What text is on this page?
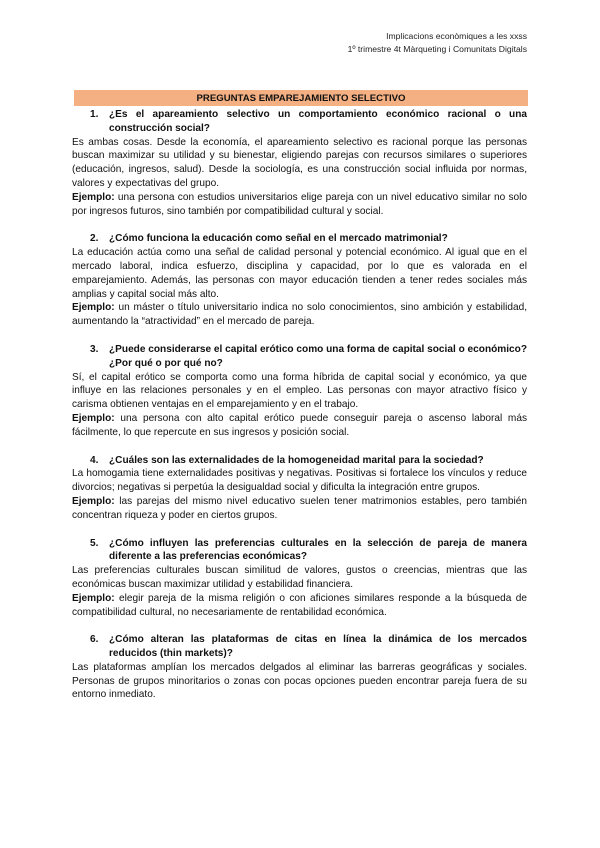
Implicacions econòmiques a les xxss
1º trimestre 4t Màrqueting i Comunitats Digitals
PREGUNTAS EMPAREJAMIENTO SELECTIVO
1.	¿Es el apareamiento selectivo un comportamiento económico racional o una construcción social?

Es ambas cosas. Desde la economía, el apareamiento selectivo es racional porque las personas buscan maximizar su utilidad y su bienestar, eligiendo parejas con recursos similares o superiores (educación, ingresos, salud). Desde la sociología, es una construcción social influida por normas, valores y expectativas del grupo.

Ejemplo: una persona con estudios universitarios elige pareja con un nivel educativo similar no solo por ingresos futuros, sino también por compatibilidad cultural y social.

2.	¿Cómo funciona la educación como señal en el mercado matrimonial?

La educación actúa como una señal de calidad personal y potencial económico. Al igual que en el mercado laboral, indica esfuerzo, disciplina y capacidad, por lo que es valorada en el emparejamiento. Además, las personas con mayor educación tienden a tener redes sociales más amplias y capital social más alto.

Ejemplo: un máster o título universitario indica no solo conocimientos, sino ambición y estabilidad, aumentando la “atractividad” en el mercado de pareja.

3.	¿Puede considerarse el capital erótico como una forma de capital social o económico? ¿Por qué o por qué no?

Sí, el capital erótico se comporta como una forma híbrida de capital social y económico, ya que influye en las relaciones personales y en el empleo. Las personas con mayor atractivo físico y carisma obtienen ventajas en el emparejamiento y en el trabajo.

Ejemplo: una persona con alto capital erótico puede conseguir pareja o ascenso laboral más fácilmente, lo que repercute en sus ingresos y posición social.

4.	¿Cuáles son las externalidades de la homogeneidad marital para la sociedad?

La homogamia tiene externalidades positivas y negativas. Positivas si fortalece los vínculos y reduce divorcios; negativas si perpetúa la desigualdad social y dificulta la integración entre grupos.

Ejemplo: las parejas del mismo nivel educativo suelen tener matrimonios estables, pero también concentran riqueza y poder en ciertos grupos.

5.	¿Cómo influyen las preferencias culturales en la selección de pareja de manera diferente a las preferencias económicas?

Las preferencias culturales buscan similitud de valores, gustos o creencias, mientras que las económicas buscan maximizar utilidad y estabilidad financiera.

Ejemplo: elegir pareja de la misma religión o con aficiones similares responde a la búsqueda de compatibilidad cultural, no necesariamente de rentabilidad económica.

6.	¿Cómo alteran las plataformas de citas en línea la dinámica de los mercados reducidos (thin markets)?

Las plataformas amplían los mercados delgados al eliminar las barreras geográficas y sociales. Personas de grupos minoritarios o zonas con pocas opciones pueden encontrar pareja fuera de su entorno inmediato.
